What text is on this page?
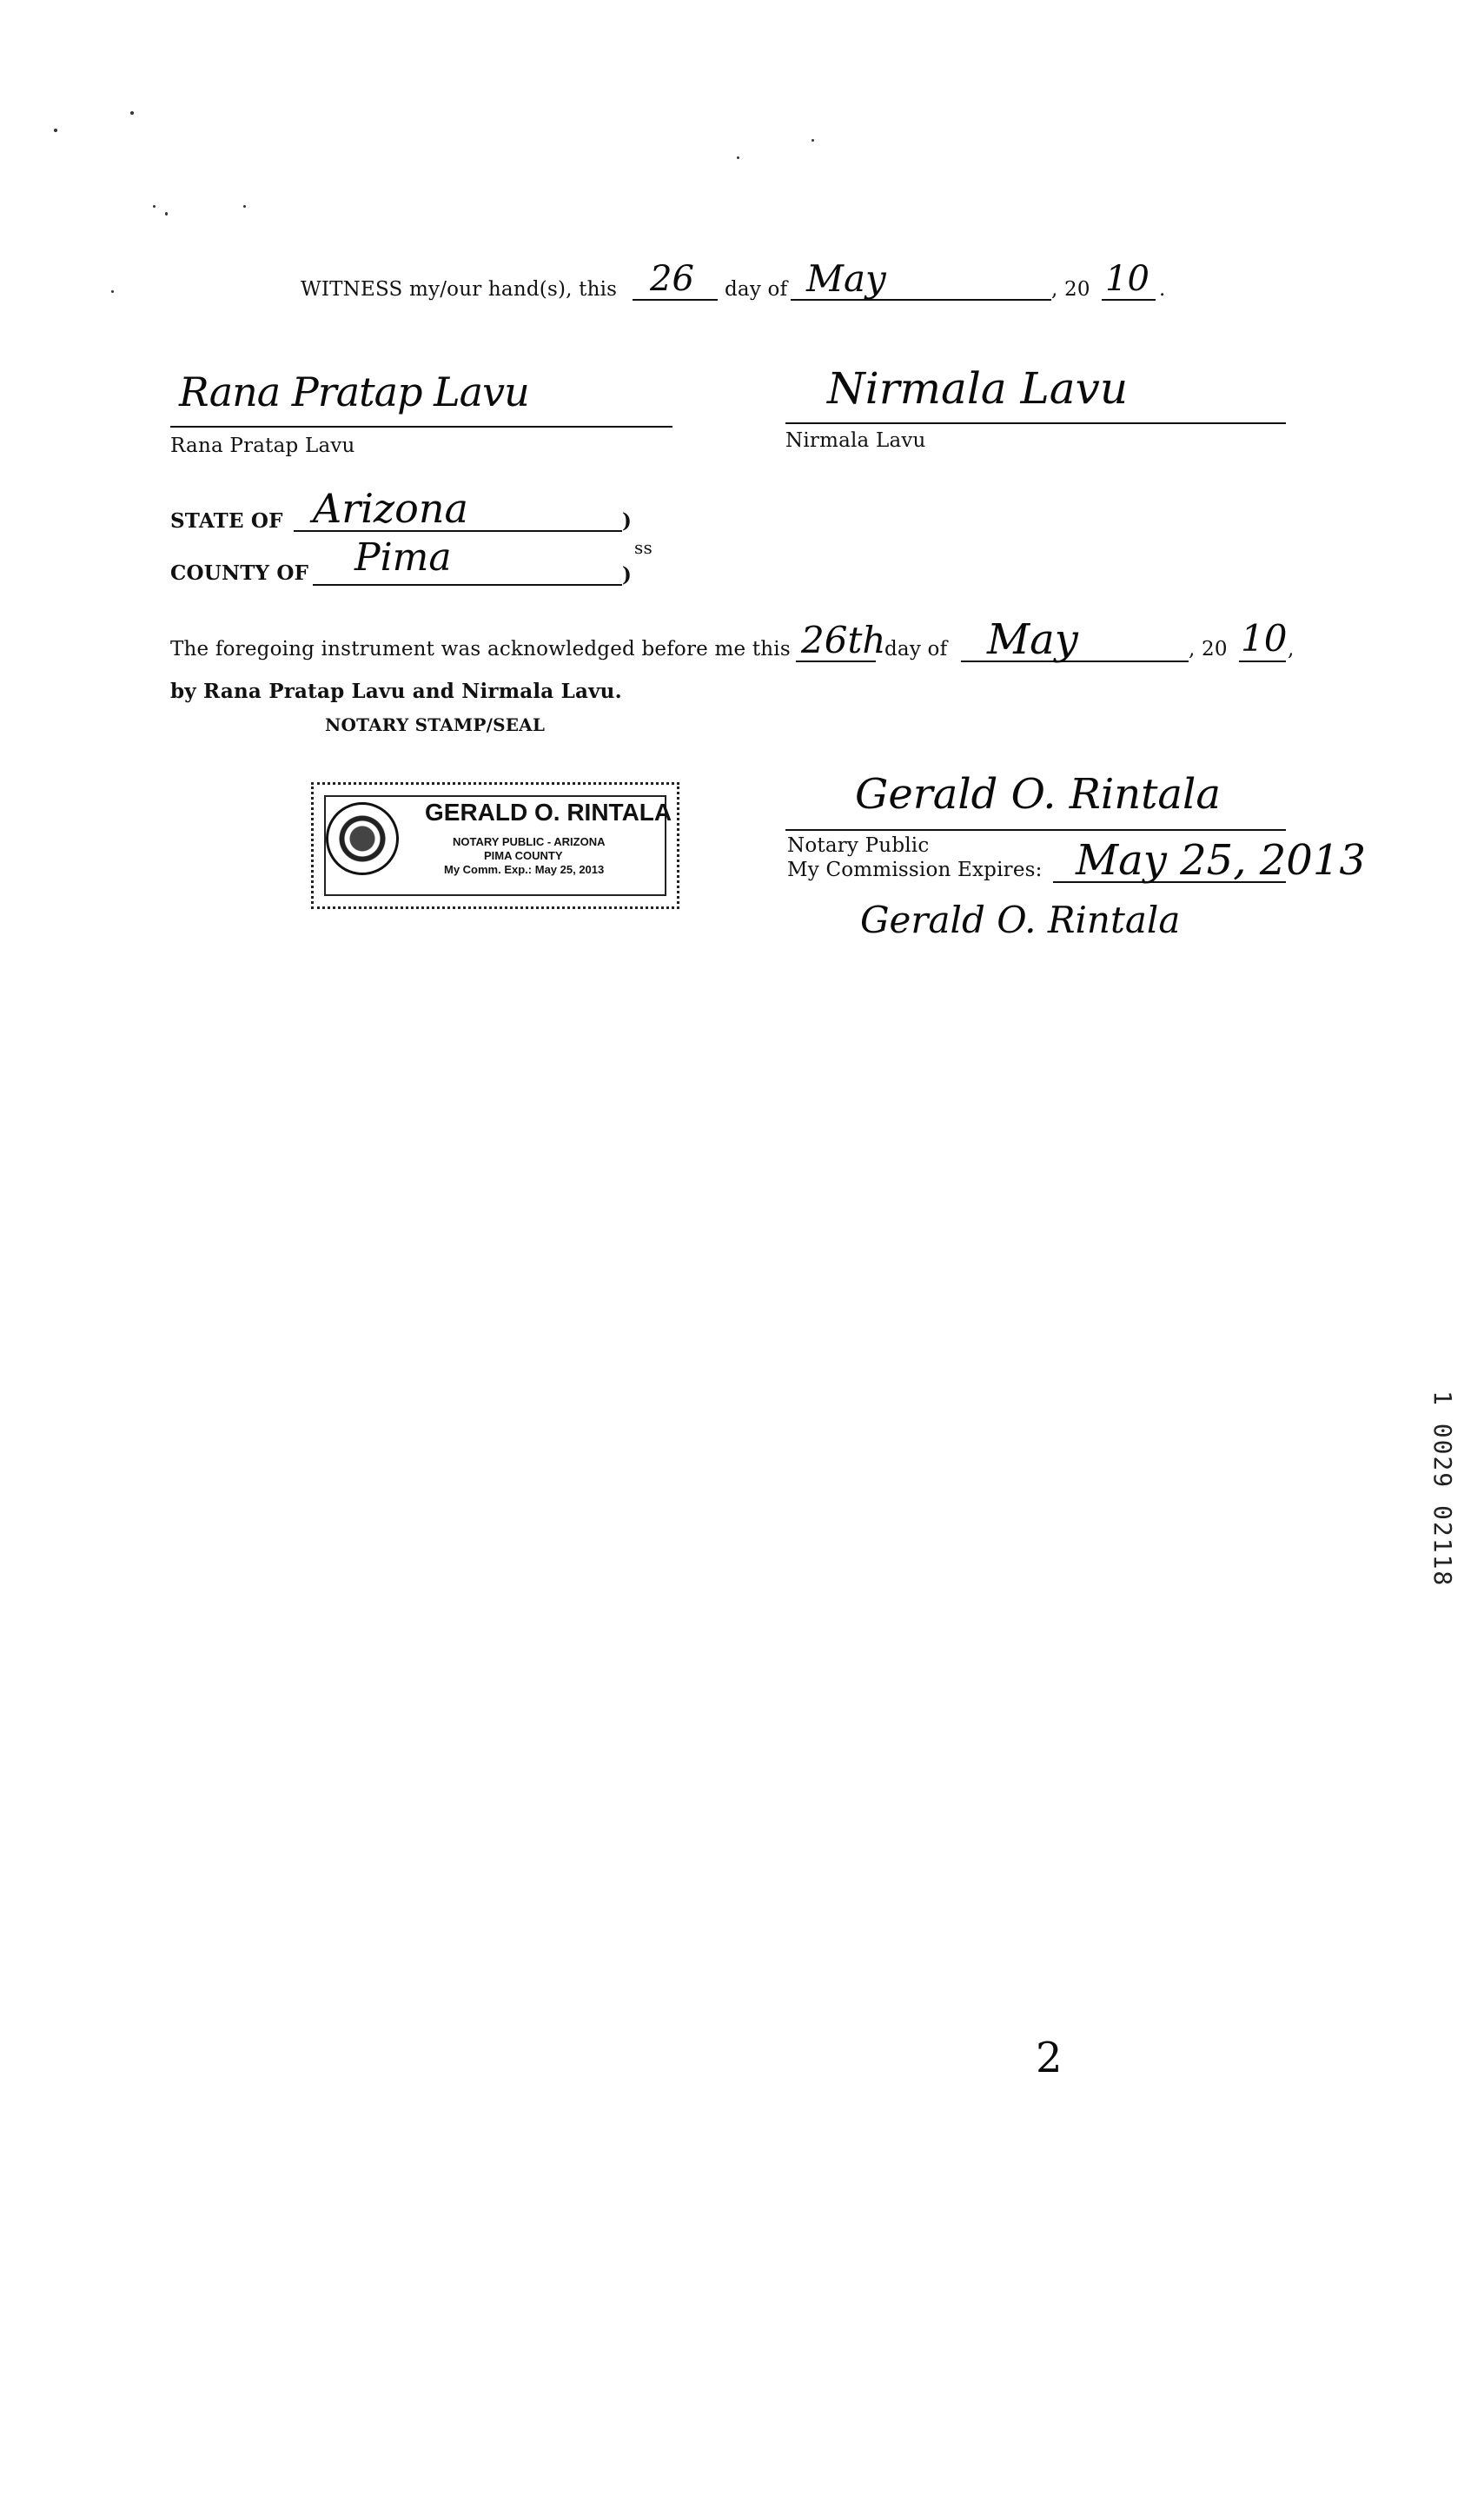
WITNESS my/our hand(s), this 26 day of May	, 20 10 .
Rana Pratap Lavu
Rana Pratap Lavu
Nirmala Lavu
Nirmala Lavu
STATE OF Arizona	)
COUNTY OF Pima	)
ss
The foregoing instrument was acknowledged before me this 26th
day of May	, 20 10 ,
by Rana Pratap Lavu and Nirmala Lavu.
NOTARY STAMP/SEAL
GERALD O. RINTALA
NOTARY PUBLIC - ARIZONA
PIMA COUNTY
My Comm. Exp.: May 25, 2013
Gerald O. Rintala
Notary Public
My Commission Expires: May 25, 2013
Gerald O. Rintala
2
1 0029 02118
